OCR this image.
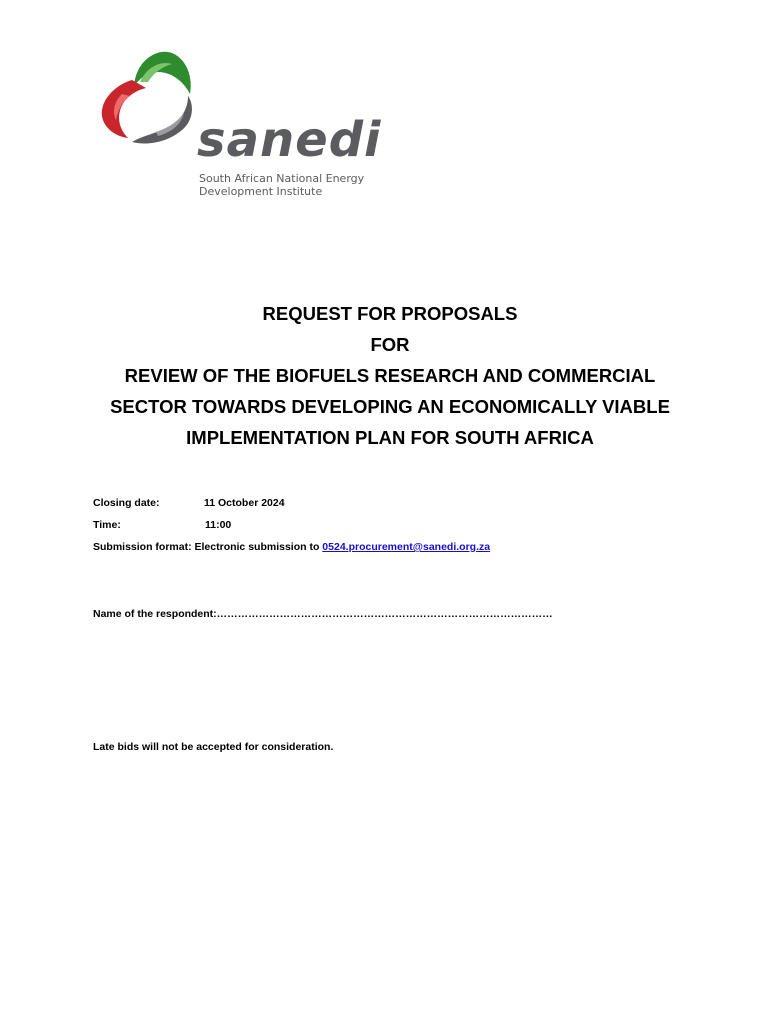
sanedi
South African National Energy
Development Institute
REQUEST FOR PROPOSALS
FOR
REVIEW OF THE BIOFUELS RESEARCH AND COMMERCIAL
SECTOR TOWARDS DEVELOPING AN ECONOMICALLY VIABLE
IMPLEMENTATION PLAN FOR SOUTH AFRICA
Closing date:	11 October 2024
Time:	11:00
Submission format: Electronic submission to 0524.procurement@sanedi.org.za
Name of the respondent:……………………………………………………………………………………
Late bids will not be accepted for consideration.
